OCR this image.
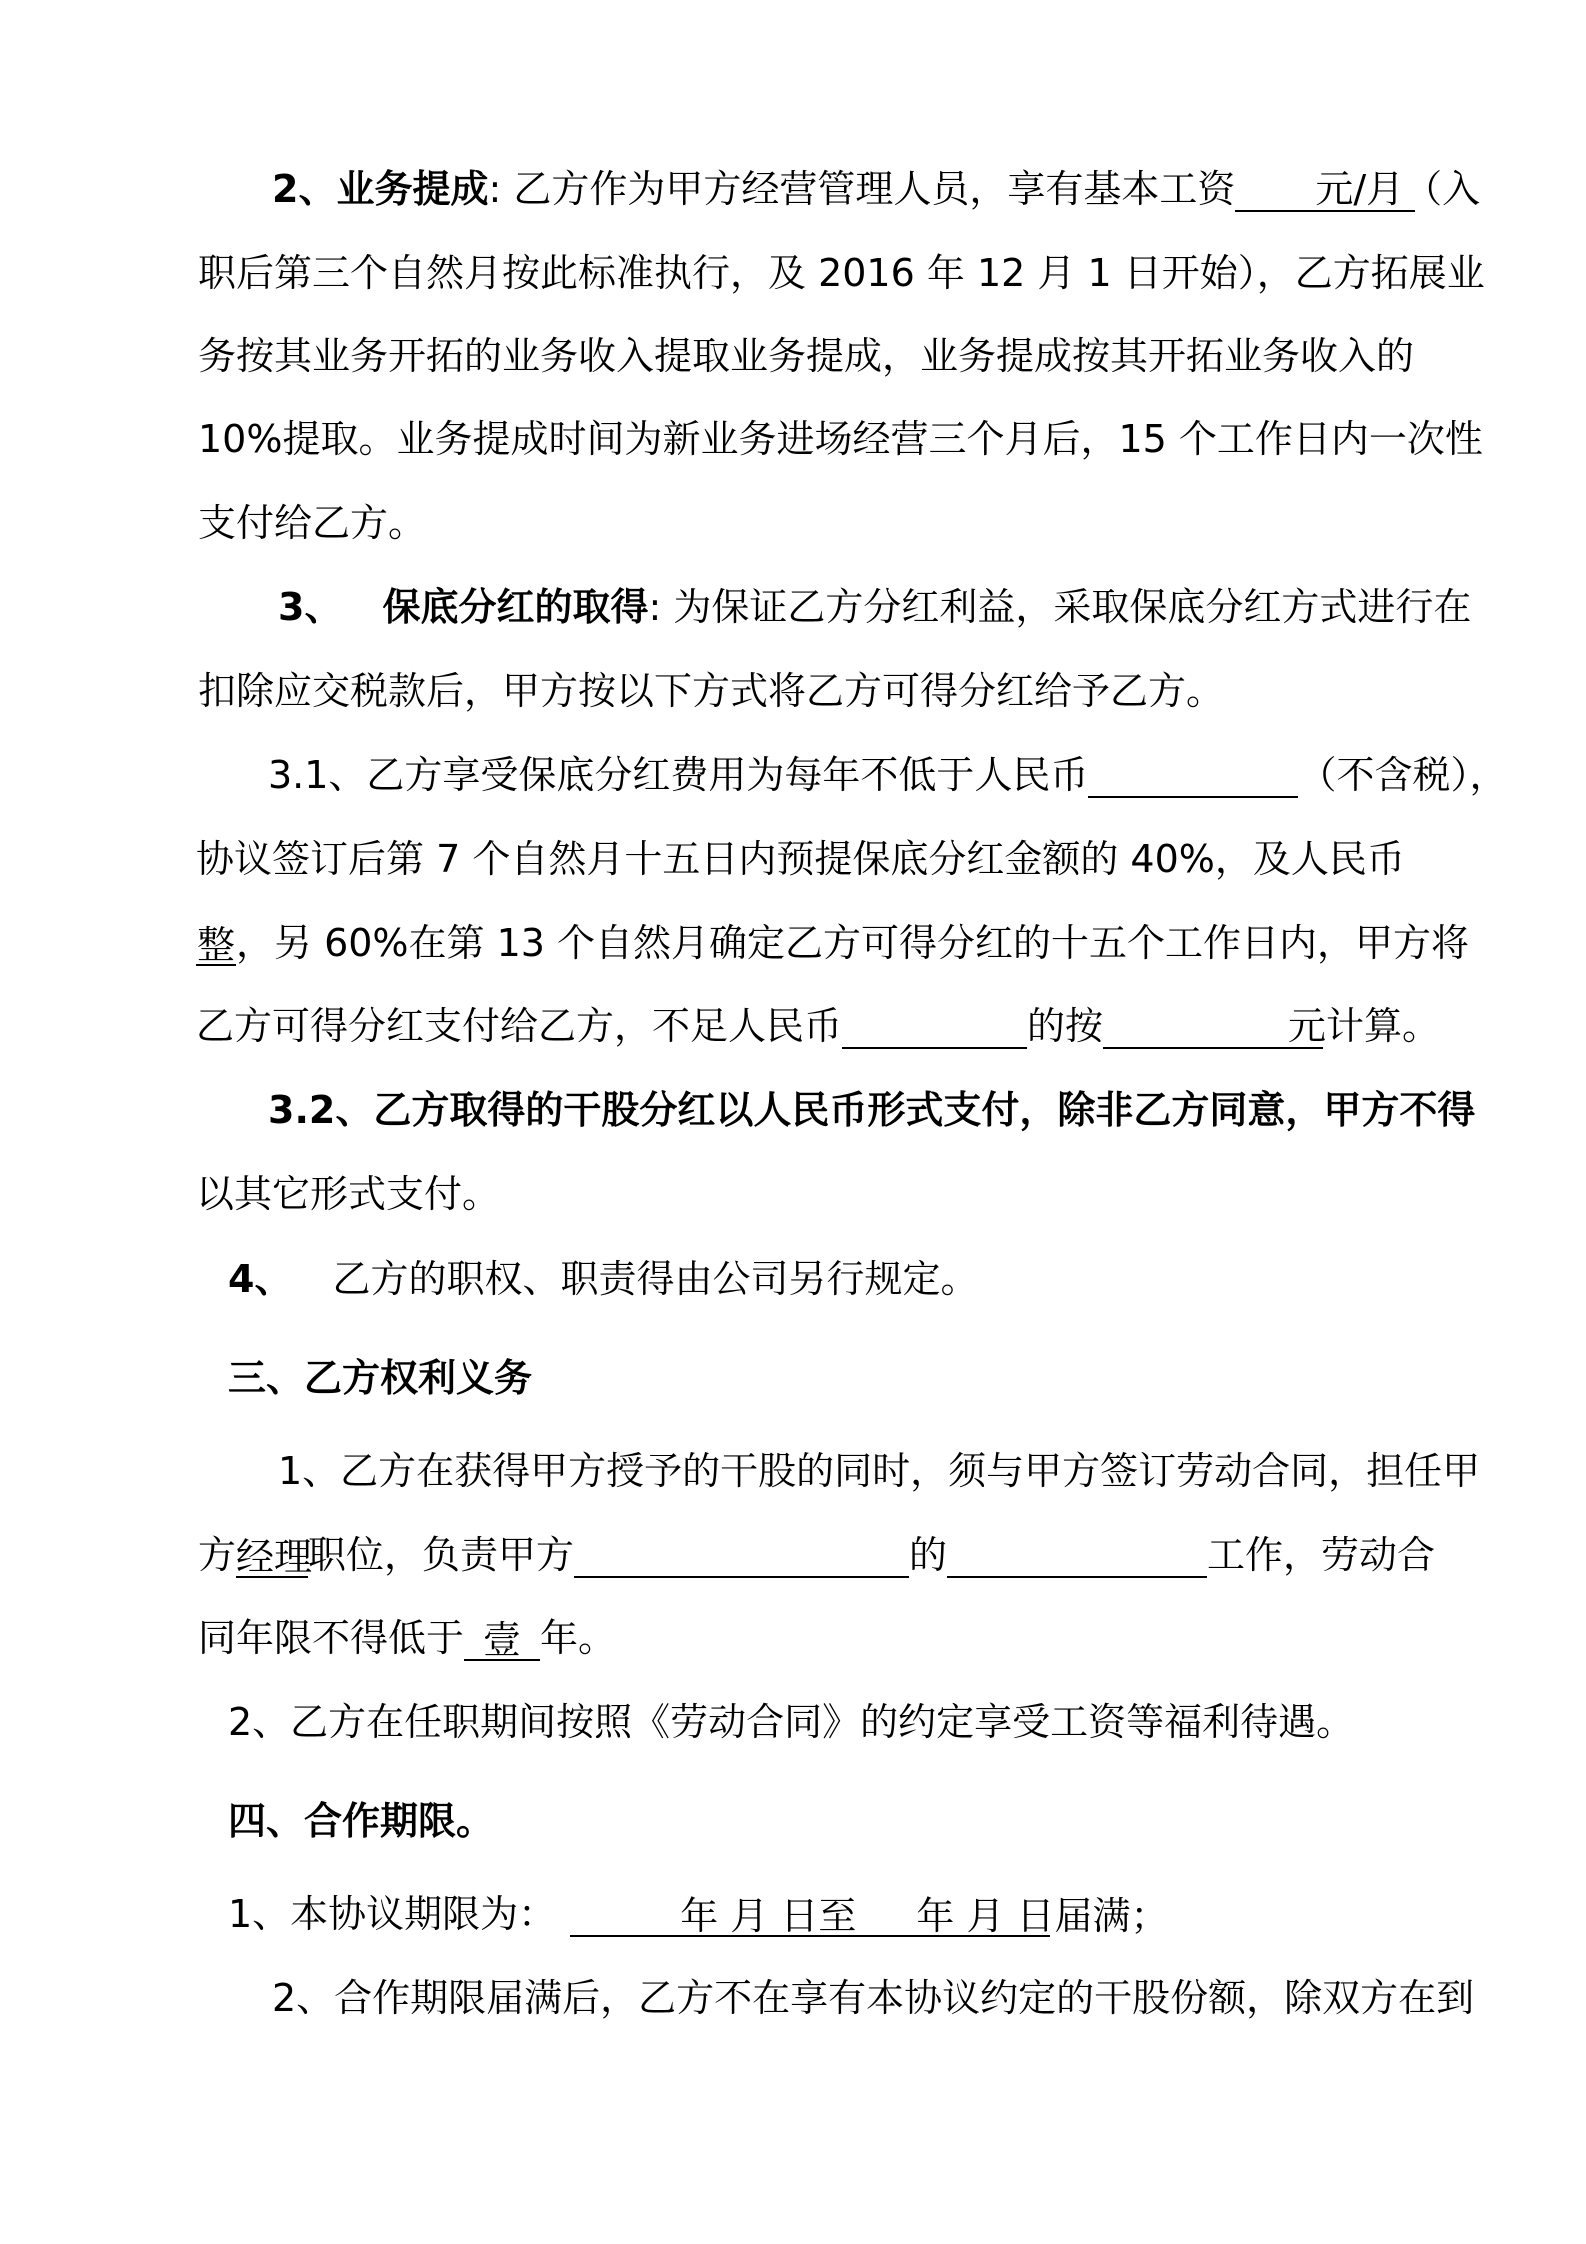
2、业务提成: 乙方作为甲方经营管理人员，享有基本工资 元/月（入
职后第三个自然月按此标准执行，及 2016 年 12 月 1 日开始），乙方拓展业
务按其业务开拓的业务收入提取业务提成，业务提成按其开拓业务收入的
10%提取。业务提成时间为新业务进场经营三个月后，15 个工作日内一次性
支付给乙方。
3、 保底分红的取得: 为保证乙方分红利益，采取保底分红方式进行在
扣除应交税款后，甲方按以下方式将乙方可得分红给予乙方。
3.1、乙方享受保底分红费用为每年不低于人民币	（不含税），
协议签订后第 7 个自然月十五日内预提保底分红金额的 40%，及人民币
整，另 60%在第 13 个自然月确定乙方可得分红的十五个工作日内，甲方将
乙方可得分红支付给乙方，不足人民币	的按	元计算。
3.2、乙方取得的干股分红以人民币形式支付，除非乙方同意，甲方不得
以其它形式支付。
4、 乙方的职权、职责得由公司另行规定。
三、乙方权利义务
1、乙方在获得甲方授予的干股的同时，须与甲方签订劳动合同，担任甲
方经理职位，负责甲方	的	工作，劳动合
同年限不得低于 壹 年。
2、乙方在任职期间按照《劳动合同》的约定享受工资等福利待遇。
四、合作期限。
1、本协议期限为：	年 月 日至 年 月 日届满；
2、合作期限届满后，乙方不在享有本协议约定的干股份额，除双方在到
